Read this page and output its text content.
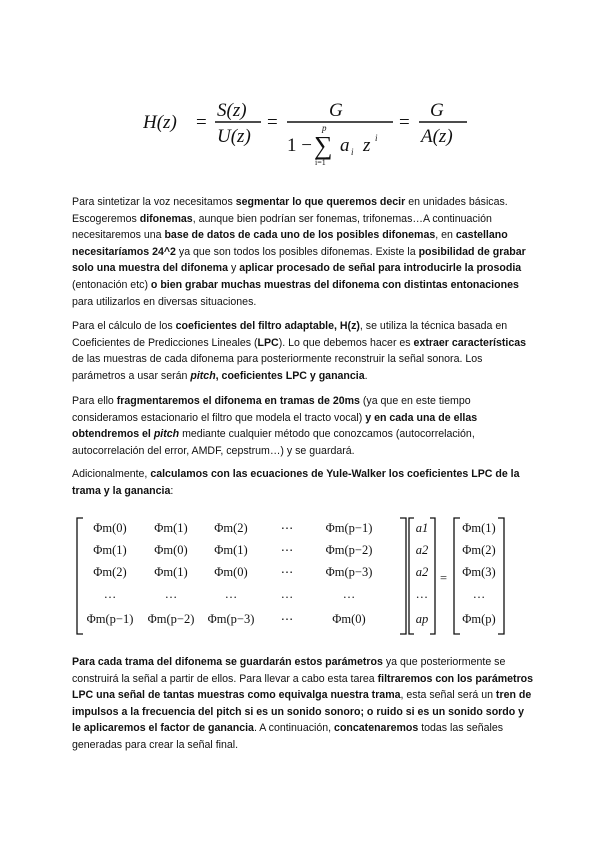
H(z) =
S(z)
U(z)
=
G
1 −
p
∑
i=1
a i z i
=
G
A(z)

Para sintetizar la voz necesitamos segmentar lo que queremos decir en unidades básicas. Escogeremos difonemas, aunque bien podrían ser fonemas, trifonemas…A continuación necesitaremos una base de datos de cada uno de los posibles difonemas, en castellano necesitaríamos 24^2 ya que son todos los posibles difonemas. Existe la posibilidad de grabar solo una muestra del difonema y aplicar procesado de señal para introducirle la prosodia (entonación etc) o bien grabar muchas muestras del difonema con distintas entonaciones para utilizarlos en diversas situaciones.

Para el cálculo de los coeficientes del filtro adaptable, H(z), se utiliza la técnica basada en Coeficientes de Predicciones Lineales (LPC). Lo que debemos hacer es extraer características de las muestras de cada difonema para posteriormente reconstruir la señal sonora. Los parámetros a usar serán pitch, coeficientes LPC y ganancia.

Para ello fragmentaremos el difonema en tramas de 20ms (ya que en este tiempo consideramos estacionario el filtro que modela el tracto vocal) y en cada una de ellas obtendremos el pitch mediante cualquier método que conozcamos (autocorrelación, autocorrelación del error, AMDF, cepstrum…) y se guardará.

Adicionalmente, calculamos con las ecuaciones de Yule-Walker los coeficientes LPC de la trama y la ganancia:

=
Φm(0) Φm(1) Φm(2)	⋯	Φm(p−1)
Φm(1) Φm(0) Φm(1)	⋯	Φm(p−2)
Φm(2) Φm(1) Φm(0)	⋯	Φm(p−3)
…	…	…	…	…
Φm(p−1) Φm(p−2) Φm(p−3) ⋯	Φm(0)
a1
a2
a2
…
ap
Φm(1)
Φm(2)
Φm(3)
…
Φm(p)

Para cada trama del difonema se guardarán estos parámetros ya que posteriormente se construirá la señal a partir de ellos. Para llevar a cabo esta tarea filtraremos con los parámetros LPC una señal de tantas muestras como equivalga nuestra trama, esta señal será un tren de impulsos a la frecuencia del pitch si es un sonido sonoro; o ruido si es un sonido sordo y le aplicaremos el factor de ganancia. A continuación, concatenaremos todas las señales generadas para crear la señal final.
